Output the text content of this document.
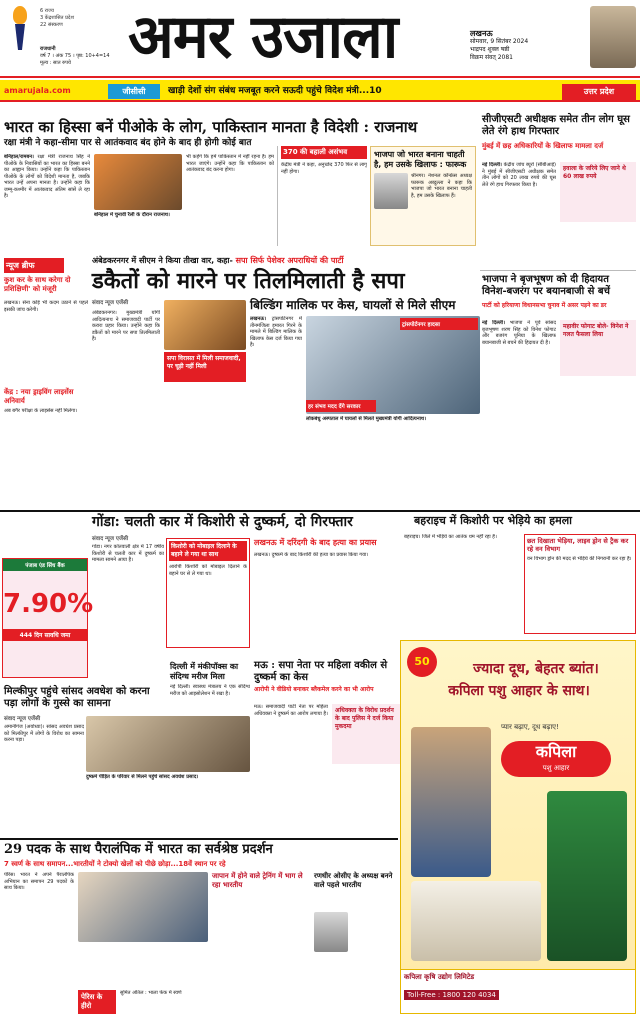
6 राज्य
3 केंद्रशासित प्रदेश
22 संस्करण
राजधानी
वर्ष 7 । अंक 75 । पृष्ठ: 10+4=14
मूल्य : सात रुपये अमर उजाला	लखनऊ
सोमवार, 9 सितंबर 2024
भाद्रपद शुक्ल षष्ठी
विक्रम संवत् 2081
amarujala.com	जीसीसी	खाड़ी देशों संग संबंध मजबूत करने सऊदी पहुंचे विदेश मंत्री...10	उत्तर प्रदेश
भारत का हिस्सा बनें पीओके के लोग, पाकिस्तान मानता है विदेशी : राजनाथ
रक्षा मंत्री ने कहा-सीमा पार से आतंकवाद बंद होने के बाद ही होगी कोई बात
बनिहाल/रामबन। रक्षा मंत्री राजनाथ सिंह ने पीओके के निवासियों का भारत का हिस्सा बनने का आह्वान किया। उन्होंने कहा कि पाकिस्तान पीओके के लोगों को विदेशी मानता है, जबकि भारत उन्हें अपना मानता है। उन्होंने कहा कि जम्मू-कश्मीर में आतंकवाद अंतिम सांसें ले रहा है।
बनिहाल में चुनावी रैली के दौरान राजनाथ।
भी कहेंगे कि हमें पाकिस्तान में नहीं रहना है। हम भारत जाएंगे। उन्होंने कहा कि पाकिस्तान को आतंकवाद बंद करना होगा।
370 की बहाली असंभव
केंद्रीय मंत्री ने कहा, अनुच्छेद 370 फिर से लागू नहीं होगा।
भाजपा जो भारत बनाना चाहती है, हम उसके खिलाफ : फारूक
श्रीनगर। नेशनल कॉन्फ्रेंस अध्यक्ष फारूक अब्दुल्ला ने कहा कि भाजपा जो भारत बनाना चाहती है, हम उसके खिलाफ हैं।
सीजीएसटी अधीक्षक समेत तीन लोग घूस लेते रंगे हाथ गिरफ्तार
मुंबई में छह अधिकारियों के खिलाफ मामला दर्ज
नई दिल्ली। केंद्रीय जांच ब्यूरो (सीबीआई) ने मुंबई में सीजीएसटी अधीक्षक समेत तीन लोगों को 20 लाख रुपये की घूस लेते रंगे हाथ गिरफ्तार किया है।
हवाला के जरिये लिए जाने थे 60 लाख रुपये
भाजपा ने बृजभूषण को दी हिदायत विनेश-बजरंग पर बयानबाजी से बचें
पार्टी को हरियाणा विधानसभा चुनाव में असर पड़ने का डर
नई दिल्ली। भाजपा ने पूर्व सांसद बृजभूषण शरण सिंह को विनेश फोगाट और बजरंग पूनिया के खिलाफ बयानबाजी से बचने की हिदायत दी है।
महावीर फोगाट बोले- विनेश ने गलत फैसला लिया
अंबेडकरनगर में सीएम ने किया तीखा वार, कहा- सपा सिर्फ पेशेवर अपराधियों की पार्टी
डकैतों को मारने पर तिलमिलाती है सपा
संवाद न्यूज एजेंसी
अंबेडकरनगर। मुख्यमंत्री योगी आदित्यनाथ ने समाजवादी पार्टी पर करारा प्रहार किया। उन्होंने कहा कि डकैतों को मारने पर सपा तिलमिलाती है।
सपा विरासत में मिली समाजवादी, पर चूड़ी नहीं मिली
बिल्डिंग मालिक पर केस, घायलों से मिले सीएम
ट्रांसपोर्टनगर हादसा
हर संभव मदद देंगे सरकार
लखनऊ। ट्रांसपोर्टनगर में तीनमंजिला इमारत गिरने के मामले में बिल्डिंग मालिक के खिलाफ केस दर्ज किया गया है।
लोकबंधु अस्पताल में घायलों से मिलते मुख्यमंत्री योगी आदित्यनाथ।
न्यूज ब्रीफ
कुश कर के साथ करेगा दो प्रशिक्षिणी' को मंजूरी
लखनऊ। सेना कोई भी कदम उठाने से पहले इसकी जांच करेगी।
केंद्र : नया ड्राइविंग लाइसेंस अनिवार्य
अब बगैर परीक्षा के लाइसेंस नहीं मिलेगा।
पंजाब एंड सिंध बैंक
7.90%
444 दिन सावधि जमा
गोंडा: चलती कार में किशोरी से दुष्कर्म, दो गिरफ्तार
संवाद न्यूज एजेंसी
गोंडा। नगर कोतवाली क्षेत्र में 17 वर्षीय किशोरी से चलती कार में दुष्कर्म का मामला सामने आया है।
किशोरी को मोबाइल दिलाने के बहाने ले गया था साथ
आरोपी किशोरी को मोबाइल दिलाने के बहाने घर से ले गया था।
लखनऊ में दरिंदगी के बाद हत्या का प्रयास
लखनऊ। दुष्कर्म के बाद किशोरी की हत्या का प्रयास किया गया।
बहराइच में किशोरी पर भेड़िये का हमला
बहराइच। जिले में भेड़िये का आतंक थम नहीं रहा है।	छत दिखाता भेड़िया, लाइव ड्रोन से ट्रैक कर रहे वन विभाग
वन विभाग ड्रोन की मदद से भेड़िये की निगरानी कर रहा है।
मिल्कीपुर पहुंचे सांसद अवधेश को करना पड़ा लोगों के गुस्से का सामना
संवाद न्यूज एजेंसी
अमानीगंज (अयोध्या)। सांसद अवधेश प्रसाद को मिल्कीपुर में लोगों के विरोध का सामना करना पड़ा।
दुष्कर्म पीड़ित के परिवार से मिलने पहुंचे सांसद अवधेश प्रसाद।
दिल्ली में मंकीपॉक्स का संदिग्ध मरीज मिला
नई दिल्ली। स्वास्थ्य मंत्रालय ने एक संदिग्ध मरीज को आइसोलेशन में रखा है।
मऊ : सपा नेता पर महिला वकील से दुष्कर्म का केस
आरोपी ने वीडियो बनाकर ब्लैकमेल करने का भी आरोप
मऊ। समाजवादी पार्टी नेता पर महिला अधिवक्ता ने दुष्कर्म का आरोप लगाया है।	अधिवक्ता के विरोध प्रदर्शन के बाद पुलिस ने दर्ज किया मुकदमा
50	ज्यादा दूध, बेहतर ब्यांत।
कपिला पशु आहार के साथ।
प्यार बढ़ाए, दूध बढ़ाए!
कपिला
पशु आहार
कपिला कृषि उद्योग लिमिटेड
Toll-Free : 1800 120 4034
29 पदक के साथ पैरालंपिक में भारत का सर्वश्रेष्ठ प्रदर्शन
7 स्वर्ण के साथ समापन...भारतीयों ने टोक्यो खेलों को पीछे छोड़ा...18वें स्थान पर रहे
पेरिस। भारत ने अपने पैरालंपिक अभियान का समापन 29 पदकों के साथ किया।
जापान में होने वाले ट्रेनिंग में भाग ले रहा भारतीय
रणधीर ओसीए के अध्यक्ष बनने वाले पहले भारतीय
पेरिस के हीरो
सुमित अंतिल : भाला फेंक में स्वर्ण
